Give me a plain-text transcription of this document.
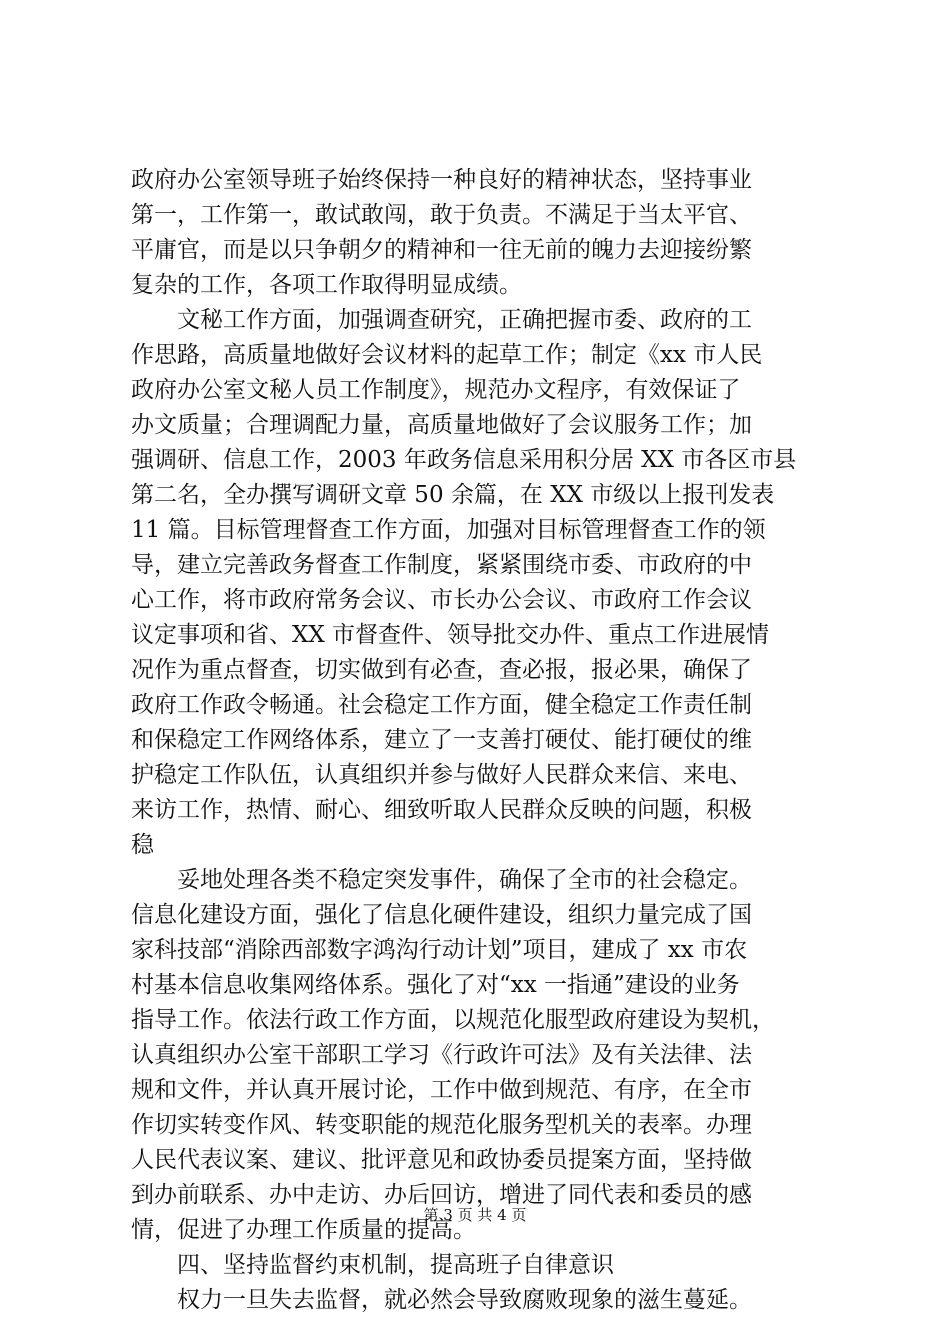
政府办公室领导班子始终保持一种良好的精神状态，坚持事业
第一，工作第一，敢试敢闯，敢于负责。不满足于当太平官、
平庸官，而是以只争朝夕的精神和一往无前的魄力去迎接纷繁
复杂的工作，各项工作取得明显成绩。
　　文秘工作方面，加强调查研究，正确把握市委、政府的工
作思路，高质量地做好会议材料的起草工作；制定《xx 市人民
政府办公室文秘人员工作制度》，规范办文程序，有效保证了
办文质量；合理调配力量，高质量地做好了会议服务工作；加
强调研、信息工作，2003 年政务信息采用积分居 XX 市各区市县
第二名，全办撰写调研文章 50 余篇，在 XX 市级以上报刊发表
11 篇。目标管理督查工作方面，加强对目标管理督查工作的领
导，建立完善政务督查工作制度，紧紧围绕市委、市政府的中
心工作，将市政府常务会议、市长办公会议、市政府工作会议
议定事项和省、XX 市督查件、领导批交办件、重点工作进展情
况作为重点督查，切实做到有必查，查必报，报必果，确保了
政府工作政令畅通。社会稳定工作方面，健全稳定工作责任制
和保稳定工作网络体系，建立了一支善打硬仗、能打硬仗的维
护稳定工作队伍，认真组织并参与做好人民群众来信、来电、
来访工作，热情、耐心、细致听取人民群众反映的问题，积极
稳
　　妥地处理各类不稳定突发事件，确保了全市的社会稳定。
信息化建设方面，强化了信息化硬件建设，组织力量完成了国
家科技部“消除西部数字鸿沟行动计划”项目，建成了 xx 市农
村基本信息收集网络体系。强化了对“xx 一指通”建设的业务
指导工作。依法行政工作方面，以规范化服型政府建设为契机，
认真组织办公室干部职工学习《行政许可法》及有关法律、法
规和文件，并认真开展讨论，工作中做到规范、有序，在全市
作切实转变作风、转变职能的规范化服务型机关的表率。办理
人民代表议案、建议、批评意见和政协委员提案方面，坚持做
到办前联系、办中走访、办后回访，增进了同代表和委员的感
情，促进了办理工作质量的提高。
　　四、坚持监督约束机制，提高班子自律意识
　　权力一旦失去监督，就必然会导致腐败现象的滋生蔓延。
第 3 页 共 4 页
